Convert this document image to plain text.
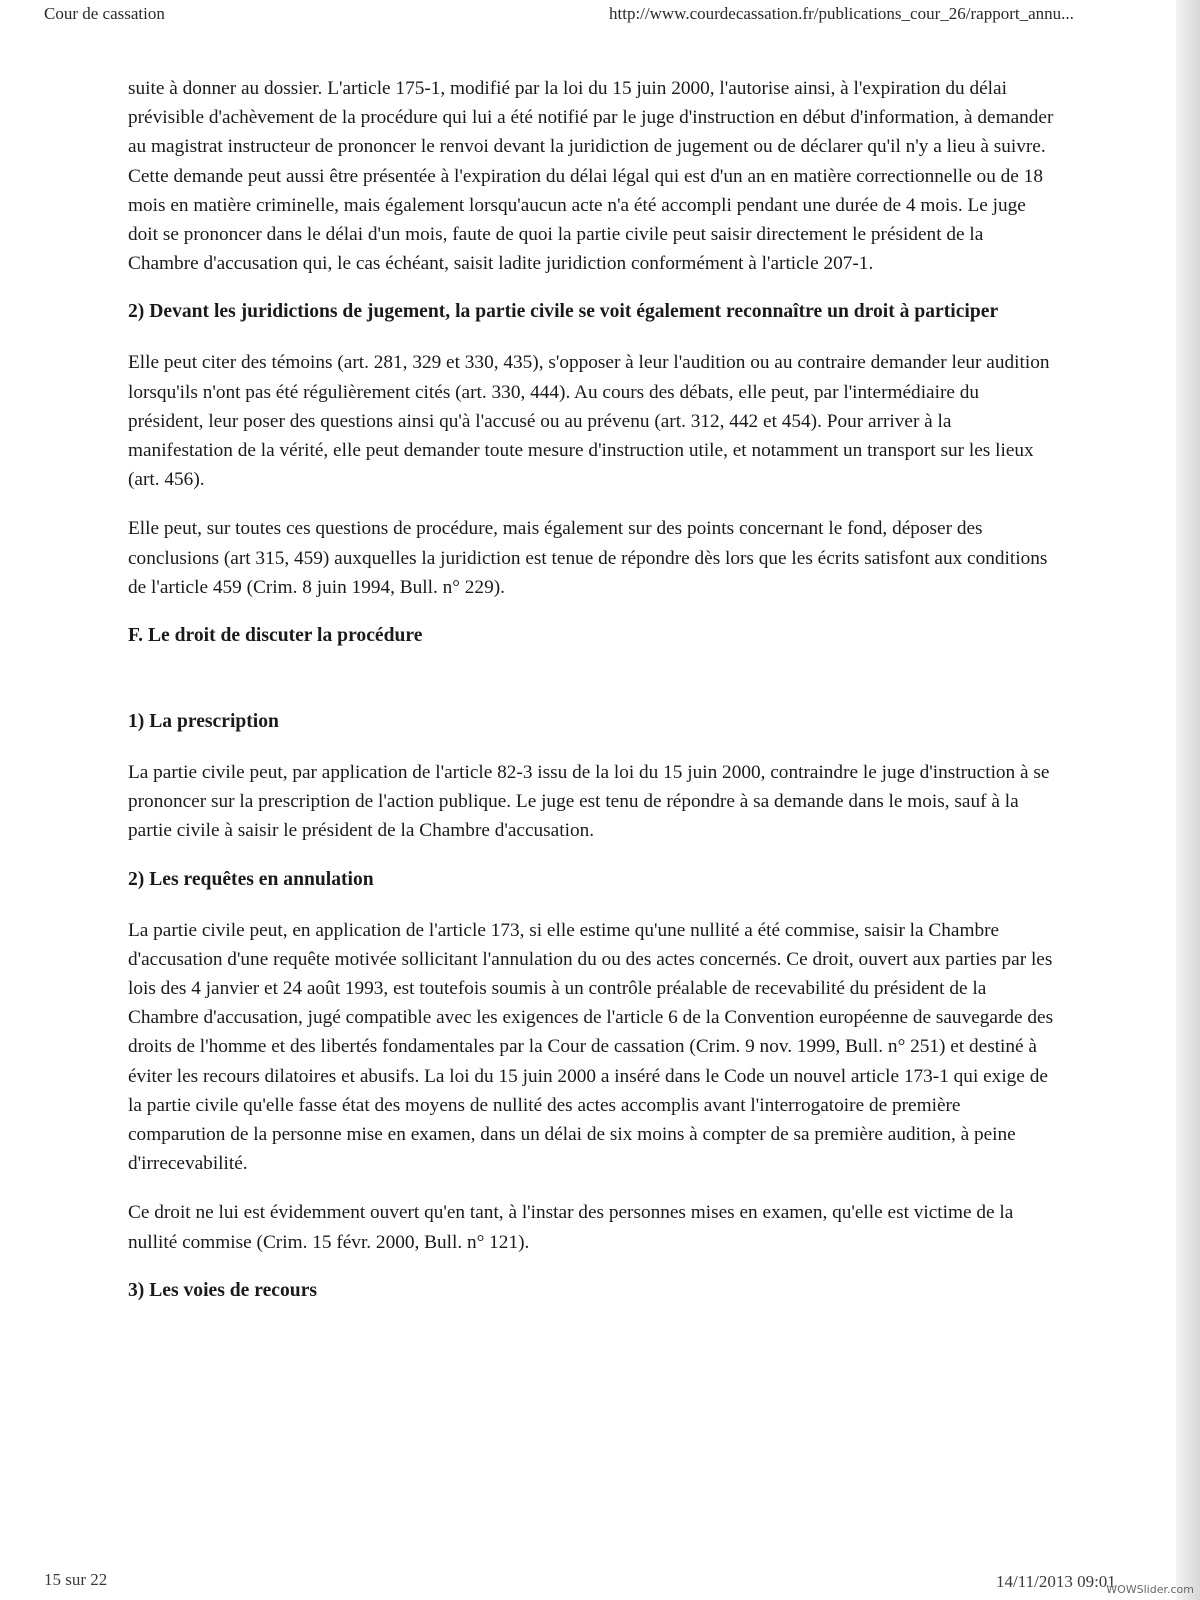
Cour de cassation	http://www.courdecassation.fr/publications_cour_26/rapport_annu...

suite à donner au dossier. L'article 175-1, modifié par la loi du 15 juin 2000, l'autorise ainsi, à l'expiration du délai prévisible d'achèvement de la procédure qui lui a été notifié par le juge d'instruction en début d'information, à demander au magistrat instructeur de prononcer le renvoi devant la juridiction de jugement ou de déclarer qu'il n'y a lieu à suivre. Cette demande peut aussi être présentée à l'expiration du délai légal qui est d'un an en matière correctionnelle ou de 18 mois en matière criminelle, mais également lorsqu'aucun acte n'a été accompli pendant une durée de 4 mois. Le juge doit se prononcer dans le délai d'un mois, faute de quoi la partie civile peut saisir directement le président de la Chambre d'accusation qui, le cas échéant, saisit ladite juridiction conformément à l'article 207-1.

2) Devant les juridictions de jugement, la partie civile se voit également reconnaître un droit à participer

Elle peut citer des témoins (art. 281, 329 et 330, 435), s'opposer à leur l'audition ou au contraire demander leur audition lorsqu'ils n'ont pas été régulièrement cités (art. 330, 444). Au cours des débats, elle peut, par l'intermédiaire du président, leur poser des questions ainsi qu'à l'accusé ou au prévenu (art. 312, 442 et 454). Pour arriver à la manifestation de la vérité, elle peut demander toute mesure d'instruction utile, et notamment un transport sur les lieux (art. 456).

Elle peut, sur toutes ces questions de procédure, mais également sur des points concernant le fond, déposer des conclusions (art 315, 459) auxquelles la juridiction est tenue de répondre dès lors que les écrits satisfont aux conditions de l'article 459 (Crim. 8 juin 1994, Bull. n° 229).

F. Le droit de discuter la procédure

1) La prescription

La partie civile peut, par application de l'article 82-3 issu de la loi du 15 juin 2000, contraindre le juge d'instruction à se prononcer sur la prescription de l'action publique. Le juge est tenu de répondre à sa demande dans le mois, sauf à la partie civile à saisir le président de la Chambre d'accusation.

2) Les requêtes en annulation

La partie civile peut, en application de l'article 173, si elle estime qu'une nullité a été commise, saisir la Chambre d'accusation d'une requête motivée sollicitant l'annulation du ou des actes concernés. Ce droit, ouvert aux parties par les lois des 4 janvier et 24 août 1993, est toutefois soumis à un contrôle préalable de recevabilité du président de la Chambre d'accusation, jugé compatible avec les exigences de l'article 6 de la Convention européenne de sauvegarde des droits de l'homme et des libertés fondamentales par la Cour de cassation (Crim. 9 nov. 1999, Bull. n° 251) et destiné à éviter les recours dilatoires et abusifs. La loi du 15 juin 2000 a inséré dans le Code un nouvel article 173-1 qui exige de la partie civile qu'elle fasse état des moyens de nullité des actes accomplis avant l'interrogatoire de première comparution de la personne mise en examen, dans un délai de six moins à compter de sa première audition, à peine d'irrecevabilité.

Ce droit ne lui est évidemment ouvert qu'en tant, à l'instar des personnes mises en examen, qu'elle est victime de la nullité commise (Crim. 15 févr. 2000, Bull. n° 121).

3) Les voies de recours

15 sur 22	14/11/2013 09:01
WOWSlider.com
